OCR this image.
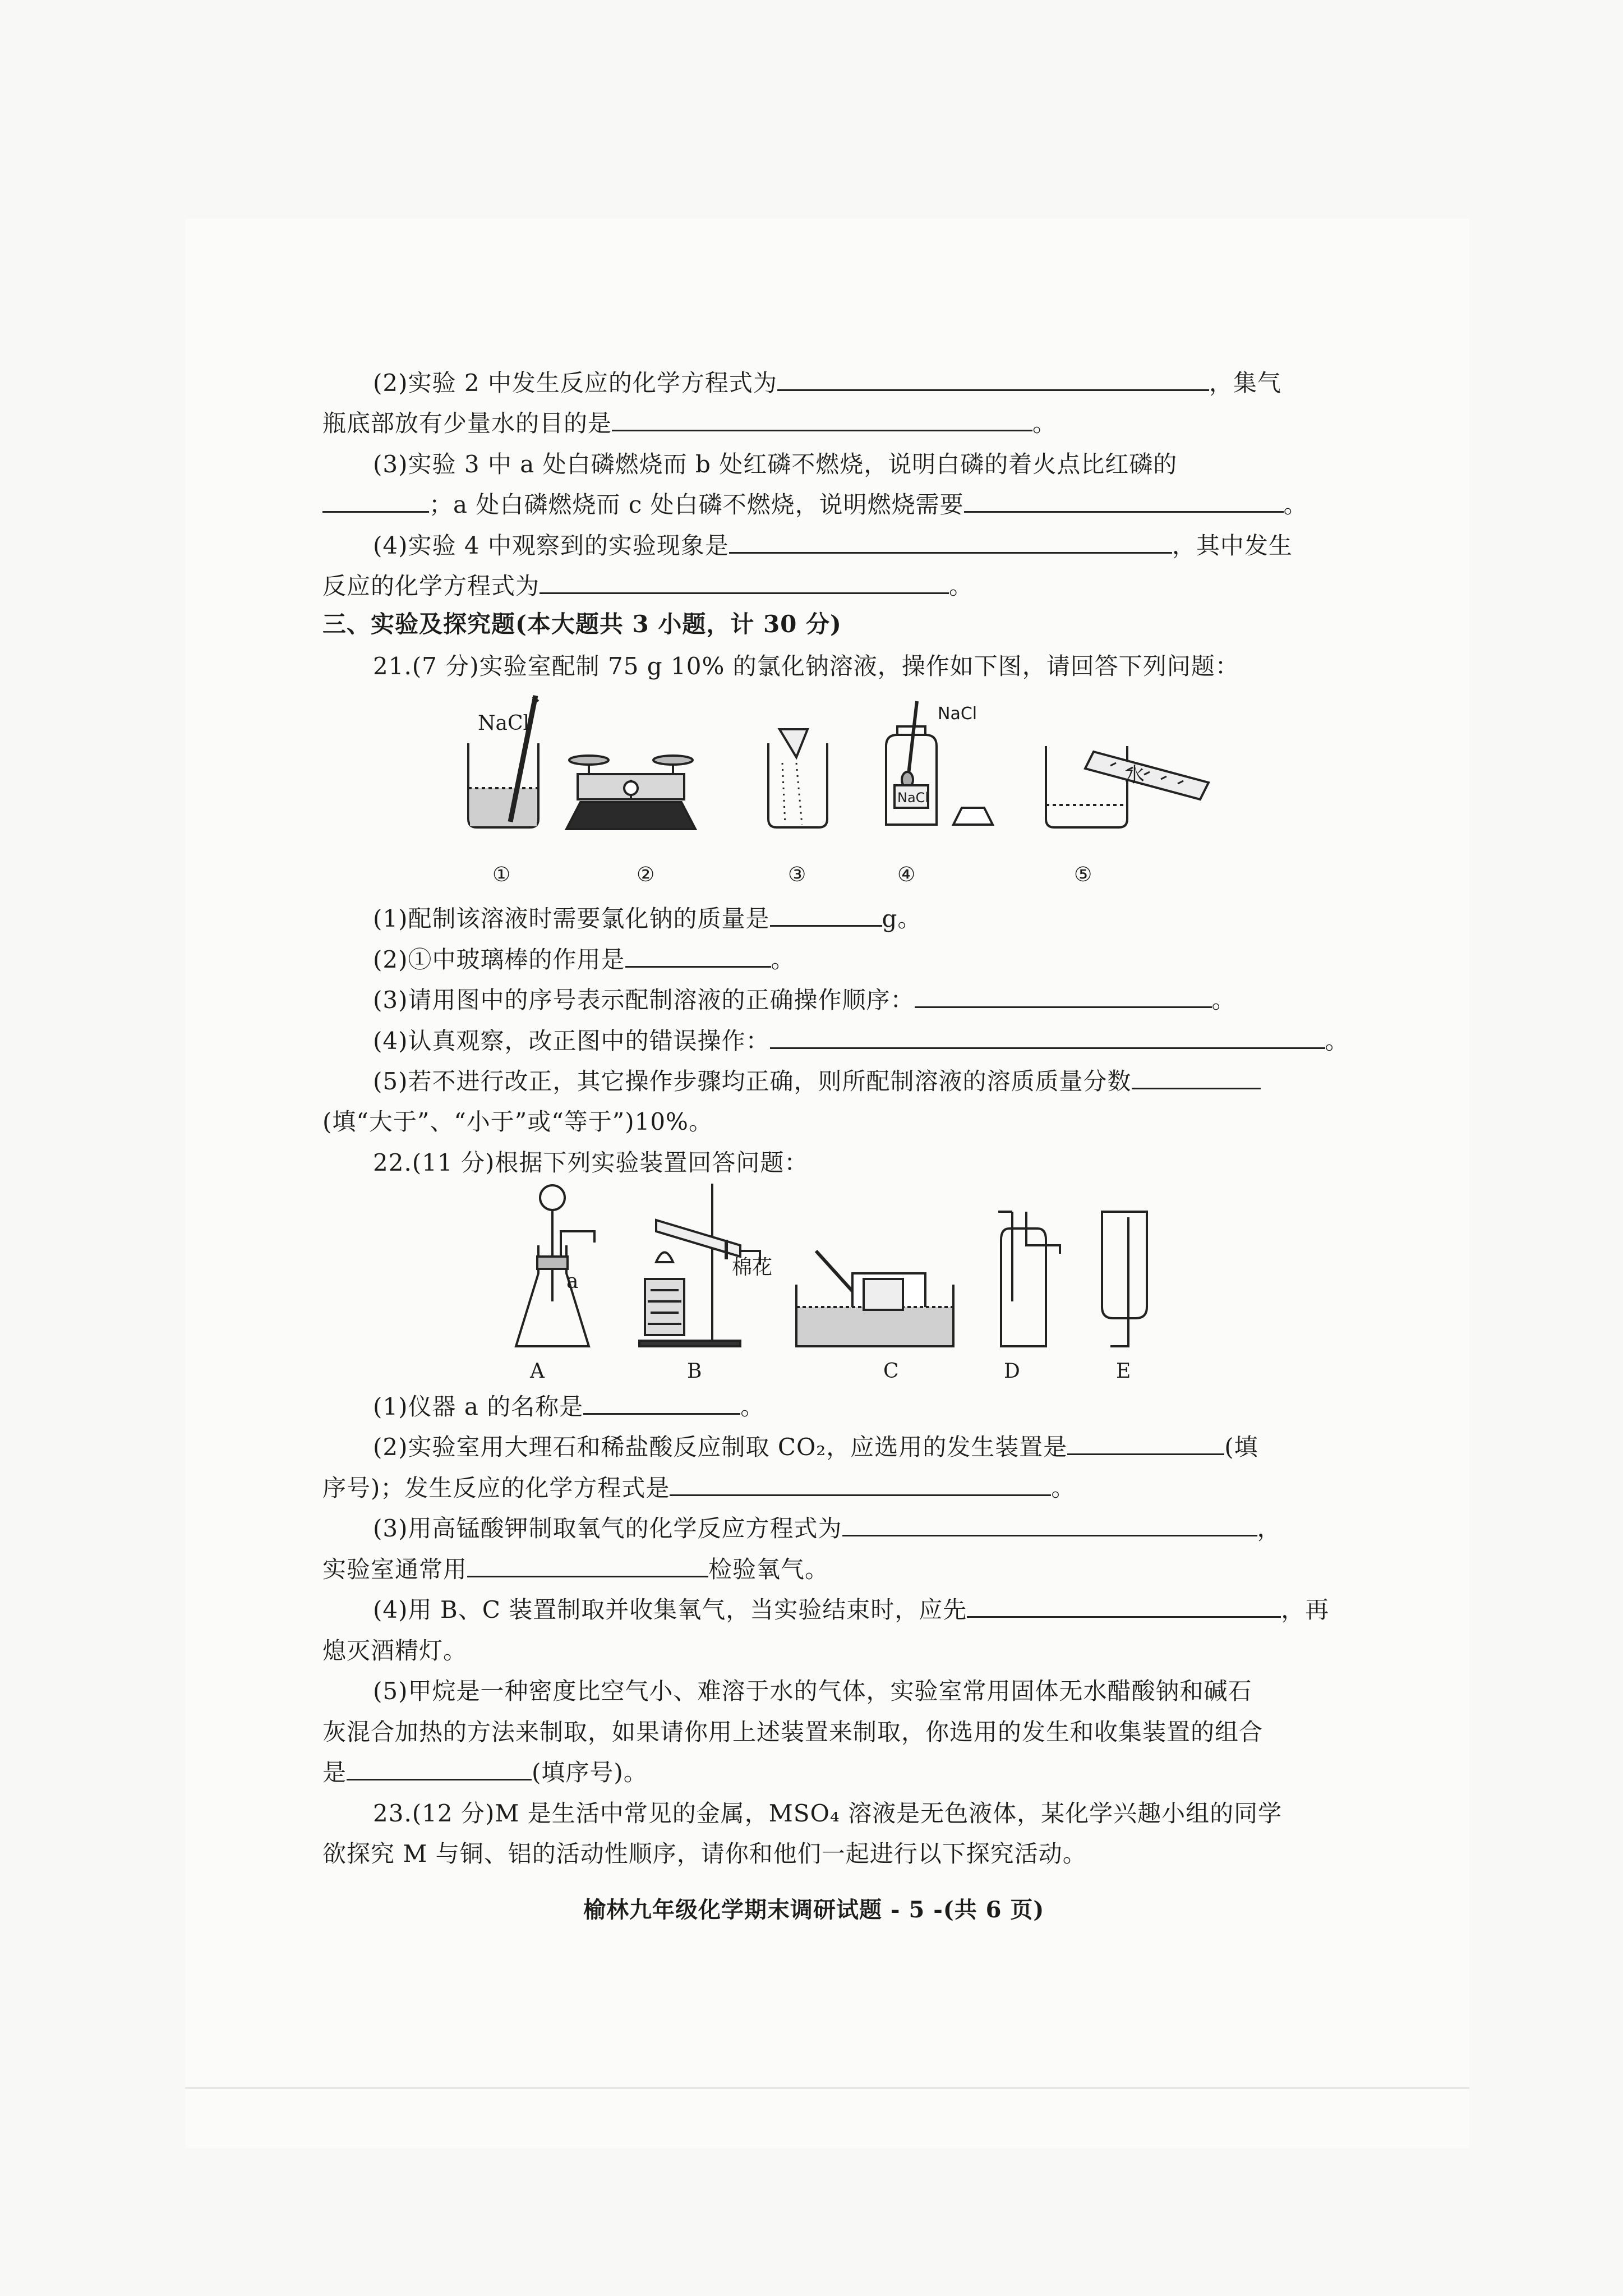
(2)实验 2 中发生反应的化学方程式为	，集气
瓶底部放有少量水的目的是	。
(3)实验 3 中 a 处白磷燃烧而 b 处红磷不燃烧，说明白磷的着火点比红磷的
；a 处白磷燃烧而 c 处白磷不燃烧，说明燃烧需要	。
(4)实验 4 中观察到的实验现象是	，其中发生
反应的化学方程式为	。
三、实验及探究题(本大题共 3 小题，计 30 分)
21.(7 分)实验室配制 75 g 10% 的氯化钠溶液，操作如下图，请回答下列问题：
NaCl
NaCl
NaCl
水
①	②	③	④	⑤
(1)配制该溶液时需要氯化钠的质量是	g。
(2)①中玻璃棒的作用是	。
(3)请用图中的序号表示配制溶液的正确操作顺序：	。
(4)认真观察，改正图中的错误操作：	。
(5)若不进行改正，其它操作步骤均正确，则所配制溶液的溶质质量分数
(填“大于”、“小于”或“等于”)10%。
22.(11 分)根据下列实验装置回答问题：
a
棉花
A	B	C	D	E
(1)仪器 a 的名称是	。
(2)实验室用大理石和稀盐酸反应制取 CO₂，应选用的发生装置是	(填
序号)；发生反应的化学方程式是	。
(3)用高锰酸钾制取氧气的化学反应方程式为	，
实验室通常用	检验氧气。
(4)用 B、C 装置制取并收集氧气，当实验结束时，应先	，再
熄灭酒精灯。
(5)甲烷是一种密度比空气小、难溶于水的气体，实验室常用固体无水醋酸钠和碱石
灰混合加热的方法来制取，如果请你用上述装置来制取，你选用的发生和收集装置的组合
是	(填序号)。
23.(12 分)M 是生活中常见的金属，MSO₄ 溶液是无色液体，某化学兴趣小组的同学
欲探究 M 与铜、铝的活动性顺序，请你和他们一起进行以下探究活动。
榆林九年级化学期末调研试题 - 5 -(共 6 页)
